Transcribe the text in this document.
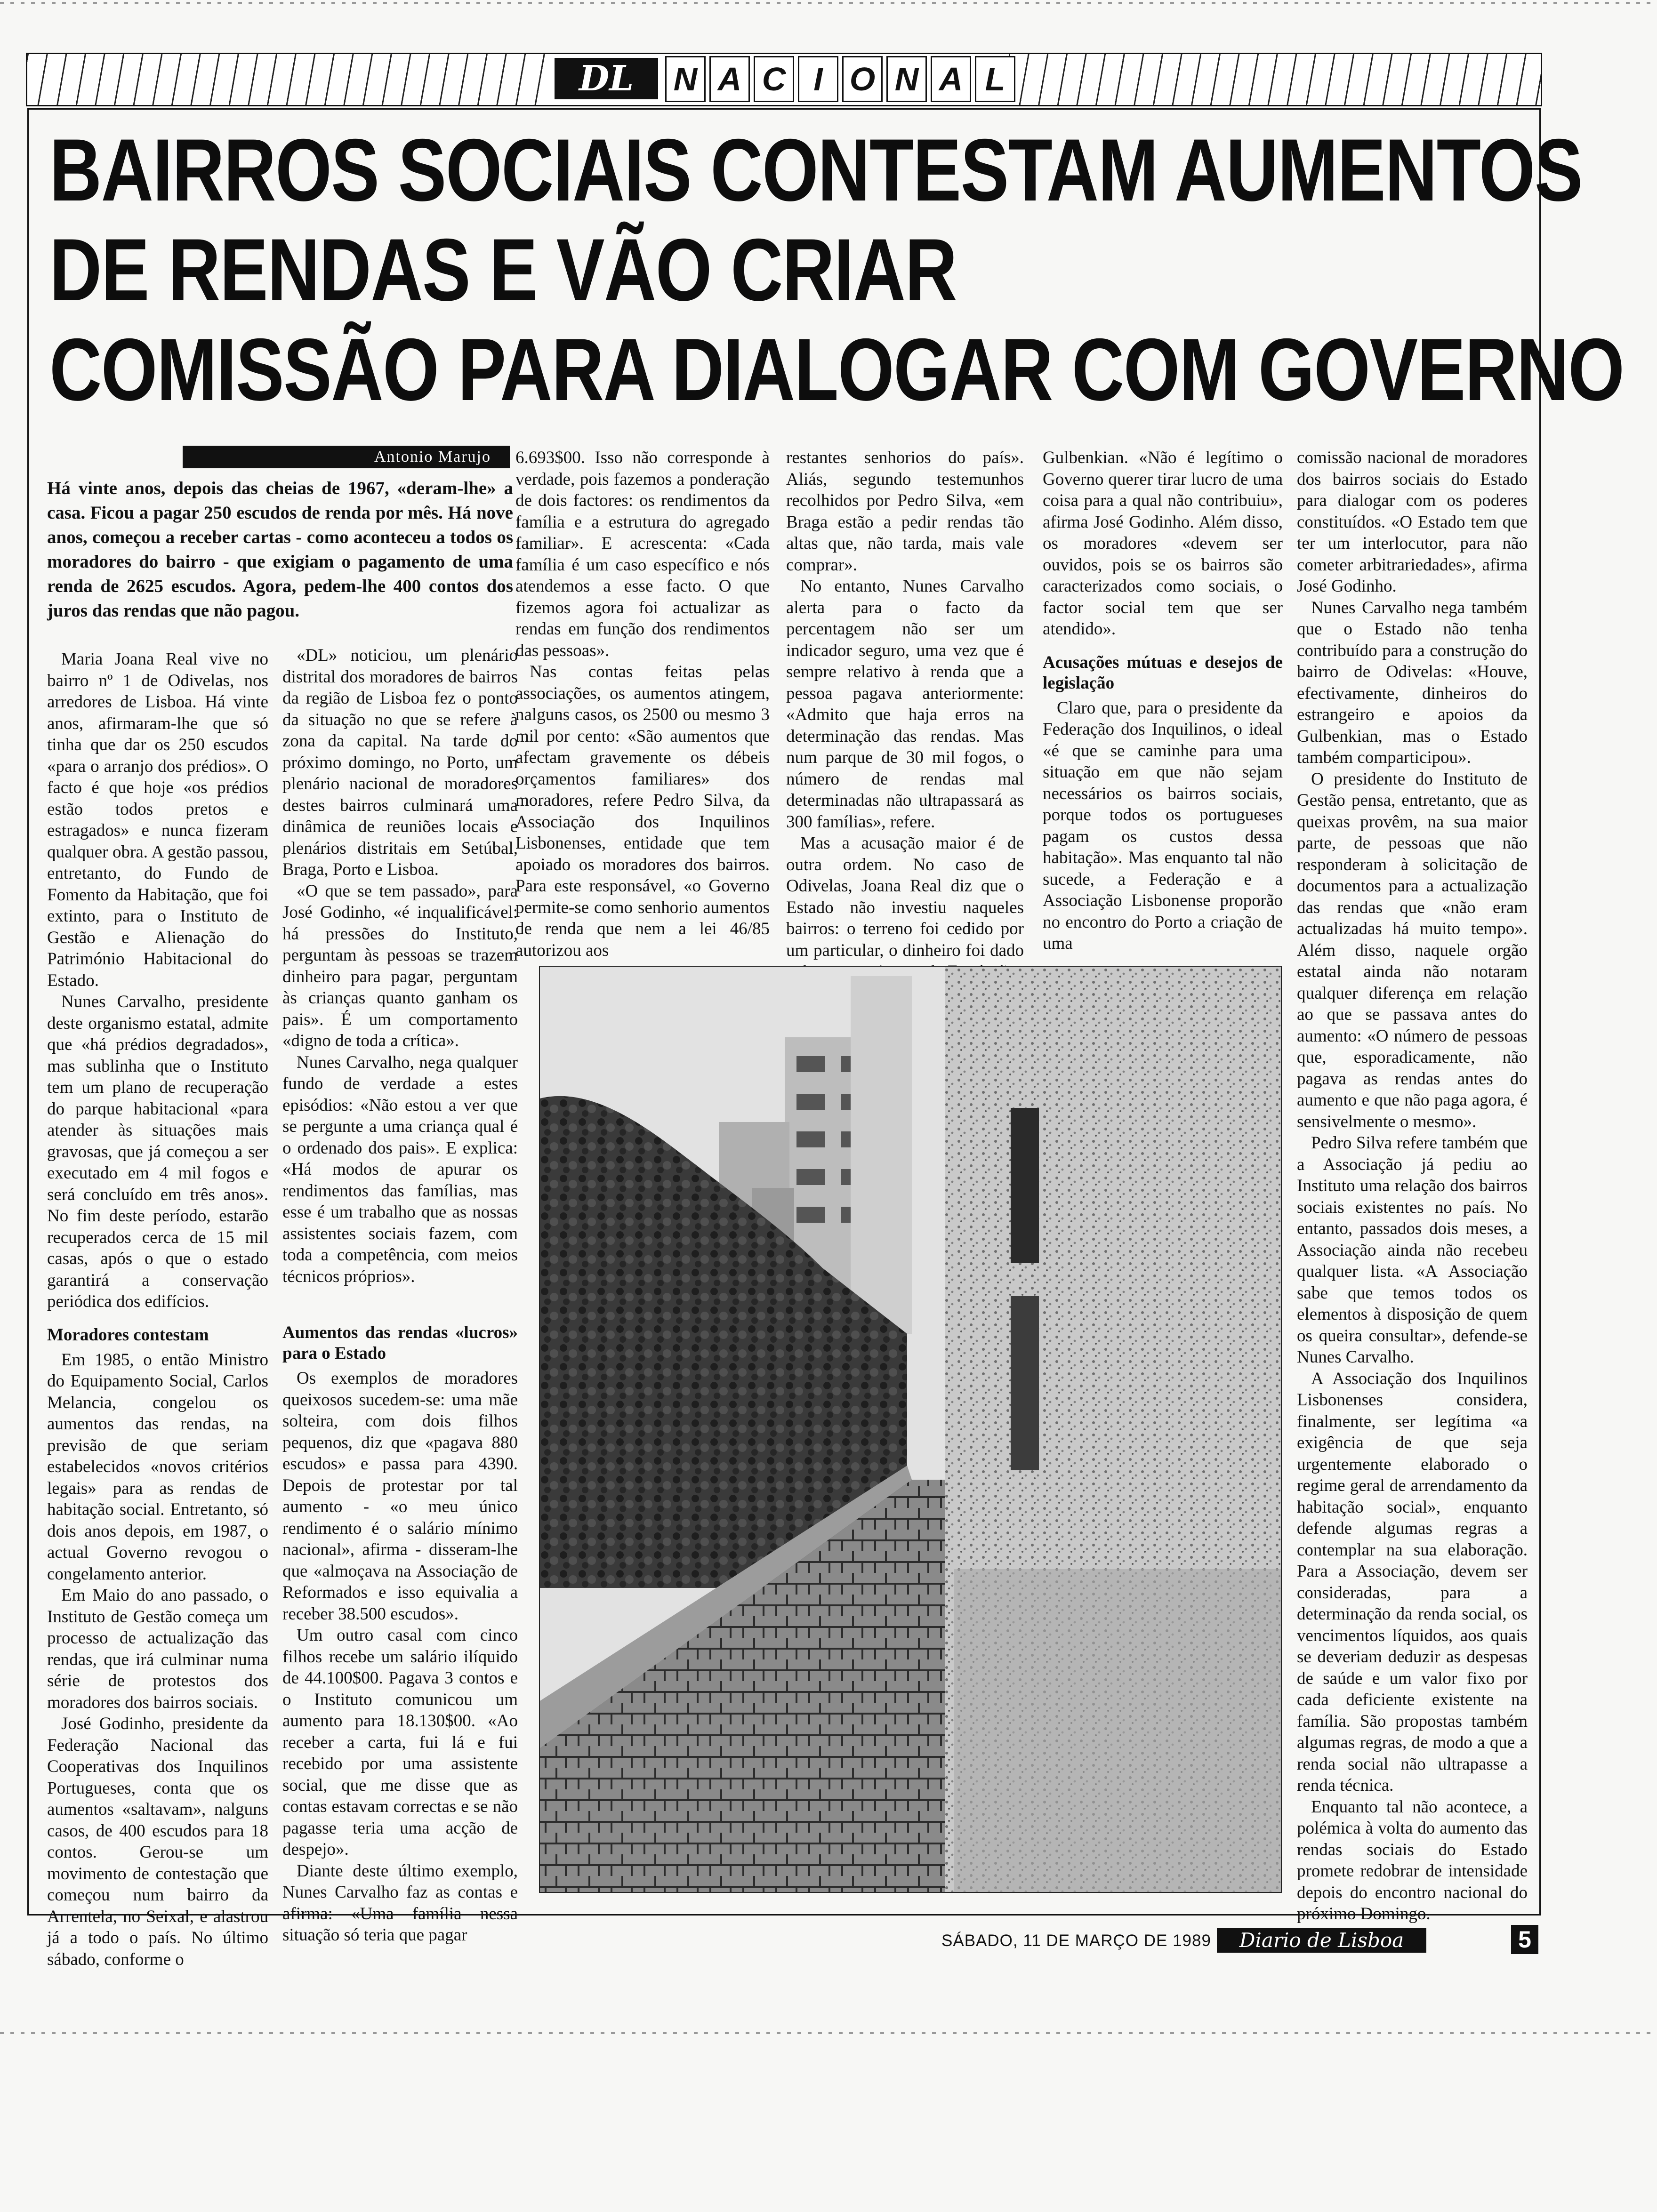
DL	N A C I O N A L
BAIRROS SOCIAIS CONTESTAM AUMENTOS
DE RENDAS E VÃO CRIAR
COMISSÃO PARA DIALOGAR COM GOVERNO
Antonio Marujo
Há vinte anos, depois das cheias de 1967, «deram-lhe» a casa. Ficou a pagar 250 escudos de renda por mês. Há nove anos, começou a receber cartas - como aconteceu a todos os moradores do bairro - que exigiam o pagamento de uma renda de 2625 escudos. Agora, pedem-lhe 400 contos dos juros das rendas que não pagou.

Maria Joana Real vive no bairro nº 1 de Odivelas, nos arredores de Lisboa. Há vinte anos, afirmaram-lhe que só tinha que dar os 250 escudos «para o arranjo dos prédios». O facto é que hoje «os prédios estão todos pretos e estragados» e nunca fizeram qualquer obra. A gestão passou, entretanto, do Fundo de Fomento da Habitação, que foi extinto, para o Instituto de Gestão e Alienação do Património Habitacional do Estado.

Nunes Carvalho, presidente deste organismo estatal, admite que «há prédios degradados», mas sublinha que o Instituto tem um plano de recuperação do parque habitacional «para atender às situações mais gravosas, que já começou a ser executado em 4 mil fogos e será concluído em três anos». No fim deste período, estarão recuperados cerca de 15 mil casas, após o que o estado garantirá a conservação periódica dos edifícios.

Moradores contestam

Em 1985, o então Ministro do Equipamento Social, Carlos Melancia, congelou os aumentos das rendas, na previsão de que seriam estabelecidos «novos critérios legais» para as rendas de habitação social. Entretanto, só dois anos depois, em 1987, o actual Governo revogou o congelamento anterior.

Em Maio do ano passado, o Instituto de Gestão começa um processo de actualização das rendas, que irá culminar numa série de protestos dos moradores dos bairros sociais.

José Godinho, presidente da Federação Nacional das Cooperativas dos Inquilinos Portugueses, conta que os aumentos «saltavam», nalguns casos, de 400 escudos para 18 contos. Gerou-se um movimento de contestação que começou num bairro da Arrentela, no Seixal, e alastrou já a todo o país. No último sábado, conforme o

«DL» noticiou, um plenário distrital dos moradores de bairros da região de Lisboa fez o ponto da situação no que se refere à zona da capital. Na tarde do próximo domingo, no Porto, um plenário nacional de moradores destes bairros culminará uma dinâmica de reuniões locais e plenários distritais em Setúbal, Braga, Porto e Lisboa.

«O que se tem passado», para José Godinho, «é inqualificável: há pressões do Instituto, perguntam às pessoas se trazem dinheiro para pagar, perguntam às crianças quanto ganham os pais». É um comportamento «digno de toda a crítica».

Nunes Carvalho, nega qualquer fundo de verdade a estes episódios: «Não estou a ver que se pergunte a uma criança qual é o ordenado dos pais». E explica: «Há modos de apurar os rendimentos das famílias, mas esse é um trabalho que as nossas assistentes sociais fazem, com toda a competência, com meios técnicos próprios».

Aumentos das rendas «lucros» para o Estado

Os exemplos de moradores queixosos sucedem-se: uma mãe solteira, com dois filhos pequenos, diz que «pagava 880 escudos» e passa para 4390. Depois de protestar por tal aumento - «o meu único rendimento é o salário mínimo nacional», afirma - disseram-lhe que «almoçava na Associação de Reformados e isso equivalia a receber 38.500 escudos».

Um outro casal com cinco filhos recebe um salário ilíquido de 44.100$00. Pagava 3 contos e o Instituto comunicou um aumento para 18.130$00. «Ao receber a carta, fui lá e fui recebido por uma assistente social, que me disse que as contas estavam correctas e se não pagasse teria uma acção de despejo».

Diante deste último exemplo, Nunes Carvalho faz as contas e afirma: «Uma família nessa situação só teria que pagar

6.693$00. Isso não corresponde à verdade, pois fazemos a ponderação de dois factores: os rendimentos da família e a estrutura do agregado familiar». E acrescenta: «Cada família é um caso específico e nós atendemos a esse facto. O que fizemos agora foi actualizar as rendas em função dos rendimentos das pessoas».

Nas contas feitas pelas associações, os aumentos atingem, nalguns casos, os 2500 ou mesmo 3 mil por cento: «São aumentos que afectam gravemente os débeis orçamentos familiares» dos moradores, refere Pedro Silva, da Associação dos Inquilinos Lisbonenses, entidade que tem apoiado os moradores dos bairros. Para este responsável, «o Governo permite-se como senhorio aumentos de renda que nem a lei 46/85 autorizou aos

restantes senhorios do país». Aliás, segundo testemunhos recolhidos por Pedro Silva, «em Braga estão a pedir rendas tão altas que, não tarda, mais vale comprar».

No entanto, Nunes Carvalho alerta para o facto da percentagem não ser um indicador seguro, uma vez que é sempre relativo à renda que a pessoa pagava anteriormente: «Admito que haja erros na determinação das rendas. Mas num parque de 30 mil fogos, o número de rendas mal determinadas não ultrapassará as 300 famílias», refere.

Mas a acusação maior é de outra ordem. No caso de Odivelas, Joana Real diz que o Estado não investiu naqueles bairros: o terreno foi cedido por um particular, o dinheiro foi dado

Gulbenkian. «Não é legítimo o Governo querer tirar lucro de uma coisa para a qual não contribuiu», afirma José Godinho. Além disso, os moradores «devem ser ouvidos, pois se os bairros são caracterizados como sociais, o factor social tem que ser atendido».

Acusações mútuas e desejos de legislação

Claro que, para o presidente da Federação dos Inquilinos, o ideal «é que se caminhe para uma situação em que não sejam necessários os bairros sociais, porque todos os portugueses pagam os custos dessa habitação». Mas enquanto tal não sucede, a Federação e a Associação Lisbonense proporão no encontro do Porto a criação de uma

comissão nacional de moradores dos bairros sociais do Estado para dialogar com os poderes constituídos. «O Estado tem que ter um interlocutor, para não cometer arbitrariedades», afirma José Godinho.

Nunes Carvalho nega também que o Estado não tenha contribuído para a construção do bairro de Odivelas: «Houve, efectivamente, dinheiros do estrangeiro e apoios da Gulbenkian, mas o Estado também comparticipou».

O presidente do Instituto de Gestão pensa, entretanto, que as queixas provêm, na sua maior parte, de pessoas que não responderam à solicitação de documentos para a actualização das rendas que «não eram actualizadas há muito tempo». Além disso, naquele orgão estatal ainda não notaram qualquer diferença em relação ao que se passava antes do aumento: «O número de pessoas que, esporadicamente, não pagava as rendas antes do aumento e que não paga agora, é sensivelmente o mesmo».

Pedro Silva refere também que a Associação já pediu ao Instituto uma relação dos bairros sociais existentes no país. No entanto, passados dois meses, a Associação ainda não recebeu qualquer lista. «A Associação sabe que temos todos os elementos à disposição de quem os queira consultar», defende-se Nunes Carvalho.

A Associação dos Inquilinos Lisbonenses considera, finalmente, ser legítima «a exigência de que seja urgentemente elaborado o regime geral de arrendamento da habitação social», enquanto defende algumas regras a contemplar na sua elaboração. Para a Associação, devem ser consideradas, para a determinação da renda social, os vencimentos líquidos, aos quais se deveriam deduzir as despesas de saúde e um valor fixo por cada deficiente existente na família. São propostas também algumas regras, de modo a que a renda social não ultrapasse a renda técnica.

Enquanto tal não acontece, a polémica à volta do aumento das rendas sociais do Estado promete redobrar de intensidade depois do encontro nacional do próximo Domingo.

SÁBADO, 11 DE MARÇO DE 1989	Diario de Lisboa	5
